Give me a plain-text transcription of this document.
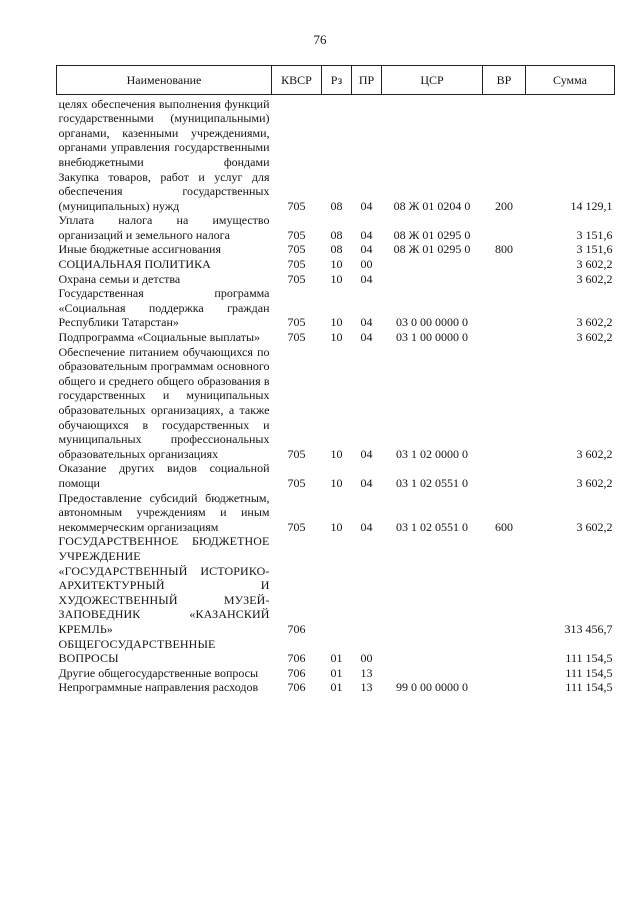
76
Наименование	КВСР	Рз	ПР	ЦСР	ВР	Сумма
целях обеспечения выполнения функций государственными (муниципальными) органами, казенными учреждениями, органами управления государственными внебюджетными фондами						
Закупка товаров, работ и услуг для обеспечения государственных (муниципальных) нужд	705	08	04	08 Ж 01 0204 0	200	14 129,1
Уплата налога на имущество организаций и земельного налога	705	08	04	08 Ж 01 0295 0		3 151,6
Иные бюджетные ассигнования	705	08	04	08 Ж 01 0295 0	800	3 151,6
СОЦИАЛЬНАЯ ПОЛИТИКА	705	10	00			3 602,2
Охрана семьи и детства	705	10	04			3 602,2
Государственная программа «Социальная поддержка граждан Республики Татарстан»	705	10	04	03 0 00 0000 0		3 602,2
Подпрограмма «Социальные выплаты»	705	10	04	03 1 00 0000 0		3 602,2
Обеспечение питанием обучающихся по образовательным программам основного общего и среднего общего образования в государственных и муниципальных образовательных организациях, а также обучающихся в государственных и муниципальных профессиональных образовательных организациях	705	10	04	03 1 02 0000 0		3 602,2
Оказание других видов социальной помощи	705	10	04	03 1 02 0551 0		3 602,2
Предоставление субсидий бюджетным, автономным учреждениям и иным некоммерческим организациям	705	10	04	03 1 02 0551 0	600	3 602,2
ГОСУДАРСТВЕННОЕ БЮДЖЕТНОЕ УЧРЕЖДЕНИЕ «ГОСУДАРСТВЕННЫЙ ИСТОРИКО-АРХИТЕКТУРНЫЙ И ХУДОЖЕСТВЕННЫЙ МУЗЕЙ-ЗАПОВЕДНИК «КАЗАНСКИЙ КРЕМЛЬ»	706					313 456,7
ОБЩЕГОСУДАРСТВЕННЫЕ ВОПРОСЫ	706	01	00			111 154,5
Другие общегосударственные вопросы	706	01	13			111 154,5
Непрограммные направления расходов	706	01	13	99 0 00 0000 0		111 154,5
